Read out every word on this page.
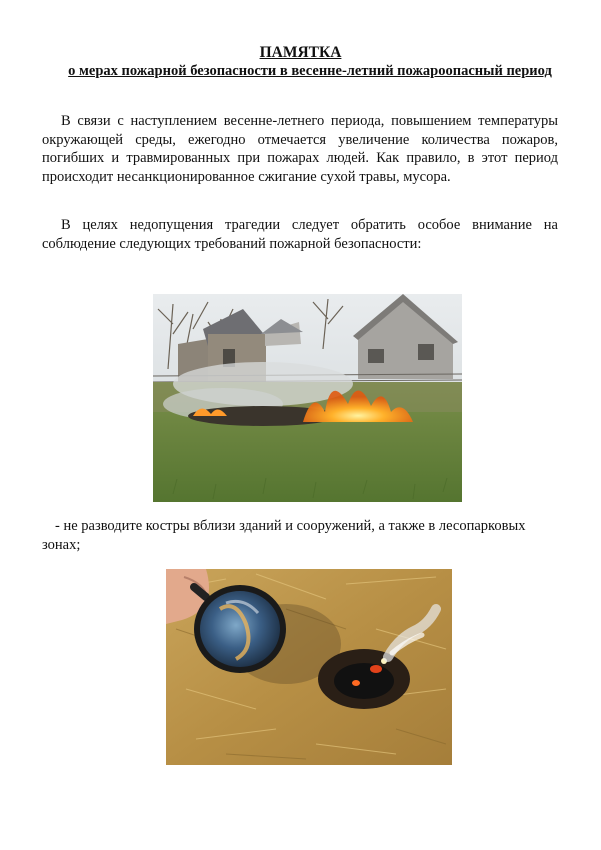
ПАМЯТКА
о мерах пожарной безопасности в весенне-летний пожароопасный период

В связи с наступлением весенне-летнего периода, повышением температуры окружающей среды, ежегодно отмечается увеличение количества пожаров, погибших и травмированных при пожарах людей. Как правило, в этот период происходит несанкционированное сжигание сухой травы, мусора.

В целях недопущения трагедии следует обратить особое внимание на соблюдение следующих требований пожарной безопасности:

- не разводите костры вблизи зданий и сооружений, а также в лесопарковых зонах;
